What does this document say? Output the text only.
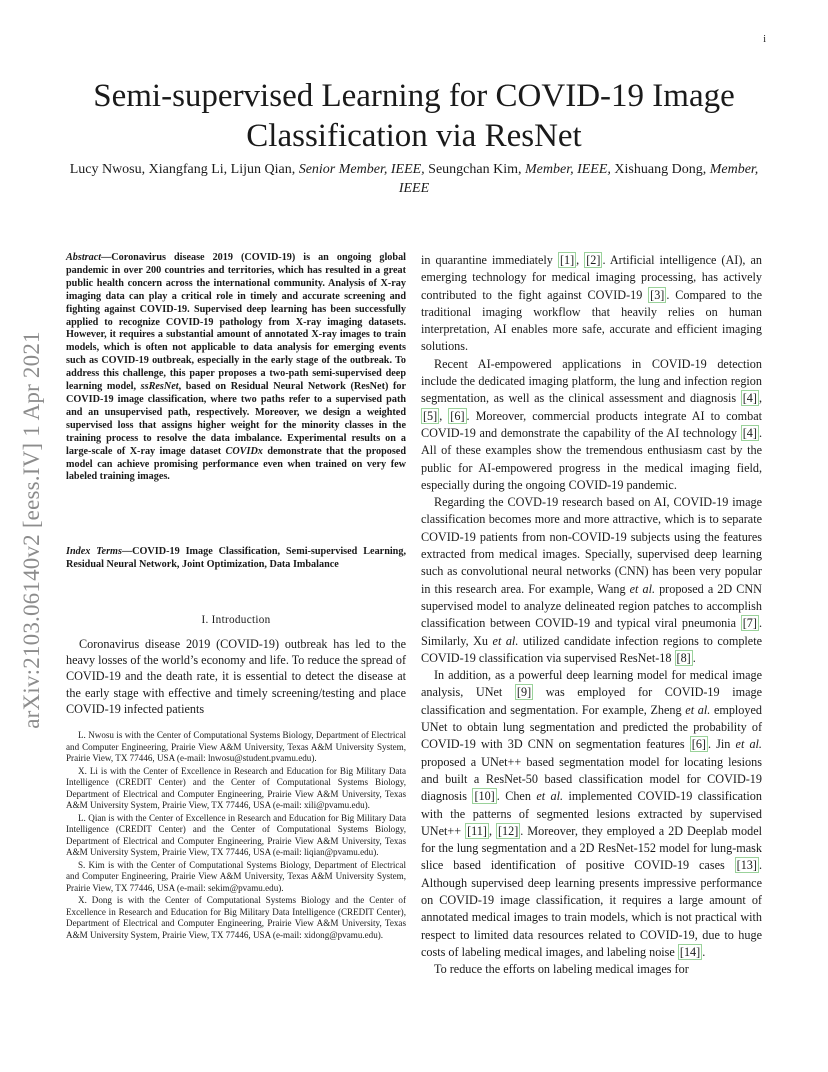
i
arXiv:2103.06140v2 [eess.IV] 1 Apr 2021
Semi-supervised Learning for COVID-19 Image Classification via ResNet
Lucy Nwosu, Xiangfang Li, Lijun Qian, Senior Member, IEEE, Seungchan Kim, Member, IEEE, Xishuang Dong, Member, IEEE
Abstract—Coronavirus disease 2019 (COVID-19) is an ongoing global pandemic in over 200 countries and territories, which has resulted in a great public health concern across the international community. Analysis of X-ray imaging data can play a critical role in timely and accurate screening and fighting against COVID-19. Supervised deep learning has been successfully applied to recognize COVID-19 pathology from X-ray imaging datasets. However, it requires a substantial amount of annotated X-ray images to train models, which is often not applicable to data analysis for emerging events such as COVID-19 outbreak, especially in the early stage of the outbreak. To address this challenge, this paper proposes a two-path semi-supervised deep learning model, ssResNet, based on Residual Neural Network (ResNet) for COVID-19 image classification, where two paths refer to a supervised path and an unsupervised path, respectively. Moreover, we design a weighted supervised loss that assigns higher weight for the minority classes in the training process to resolve the data imbalance. Experimental results on a large-scale of X-ray image dataset COVIDx demonstrate that the proposed model can achieve promising performance even when trained on very few labeled training images.
Index Terms—COVID-19 Image Classification, Semi-supervised Learning, Residual Neural Network, Joint Optimization, Data Imbalance
I. Introduction

Coronavirus disease 2019 (COVID-19) outbreak has led to the heavy losses of the world’s economy and life. To reduce the spread of COVID-19 and the death rate, it is essential to detect the disease at the early stage with effective and timely screening/testing and place COVID-19 infected patients

L. Nwosu is with the Center of Computational Systems Biology, Department of Electrical and Computer Engineering, Prairie View A&M University, Texas A&M University System, Prairie View, TX 77446, USA (e-mail: lnwosu@student.pvamu.edu).

X. Li is with the Center of Excellence in Research and Education for Big Military Data Intelligence (CREDIT Center) and the Center of Computational Systems Biology, Department of Electrical and Computer Engineering, Prairie View A&M University, Texas A&M University System, Prairie View, TX 77446, USA (e-mail: xili@pvamu.edu).

L. Qian is with the Center of Excellence in Research and Education for Big Military Data Intelligence (CREDIT Center) and the Center of Computational Systems Biology, Department of Electrical and Computer Engineering, Prairie View A&M University, Texas A&M University System, Prairie View, TX 77446, USA (e-mail: liqian@pvamu.edu).

S. Kim is with the Center of Computational Systems Biology, Department of Electrical and Computer Engineering, Prairie View A&M University, Texas A&M University System, Prairie View, TX 77446, USA (e-mail: sekim@pvamu.edu).

X. Dong is with the Center of Computational Systems Biology and the Center of Excellence in Research and Education for Big Military Data Intelligence (CREDIT Center), Department of Electrical and Computer Engineering, Prairie View A&M University, Texas A&M University System, Prairie View, TX 77446, USA (e-mail: xidong@pvamu.edu).

in quarantine immediately [1] , [2] . Artificial intelligence (AI), an emerging technology for medical imaging processing, has actively contributed to the fight against COVID-19 [3] . Compared to the traditional imaging workflow that heavily relies on human interpretation, AI enables more safe, accurate and efficient imaging solutions.

Recent AI-empowered applications in COVID-19 detection include the dedicated imaging platform, the lung and infection region segmentation, as well as the clinical assessment and diagnosis [4] , [5] , [6] . Moreover, commercial products integrate AI to combat COVID-19 and demonstrate the capability of the AI technology [4] . All of these examples show the tremendous enthusiasm cast by the public for AI-empowered progress in the medical imaging field, especially during the ongoing COVID-19 pandemic.

Regarding the COVD-19 research based on AI, COVID-19 image classification becomes more and more attractive, which is to separate COVID-19 patients from non-COVID-19 subjects using the features extracted from medical images. Specially, supervised deep learning such as convolutional neural networks (CNN) has been very popular in this research area. For example, Wang et al. proposed a 2D CNN supervised model to analyze delineated region patches to accomplish classification between COVID-19 and typical viral pneumonia [7] . Similarly, Xu et al. utilized candidate infection regions to complete COVID-19 classification via supervised ResNet-18 [8] .

In addition, as a powerful deep learning model for medical image analysis, UNet [9] was employed for COVID-19 image classification and segmentation. For example, Zheng et al. employed UNet to obtain lung segmentation and predicted the probability of COVID-19 with 3D CNN on segmentation features [6] . Jin et al. proposed a UNet++ based segmentation model for locating lesions and built a ResNet-50 based classification model for COVID-19 diagnosis [10] . Chen et al. implemented COVID-19 classification with the patterns of segmented lesions extracted by supervised UNet++ [11] , [12] . Moreover, they employed a 2D Deeplab model for the lung segmentation and a 2D ResNet-152 model for lung-mask slice based identification of positive COVID-19 cases [13] . Although supervised deep learning presents impressive performance on COVID-19 image classification, it requires a large amount of annotated medical images to train models, which is not practical with respect to limited data resources related to COVID-19, due to huge costs of labeling medical images, and labeling noise [14] .

To reduce the efforts on labeling medical images for
